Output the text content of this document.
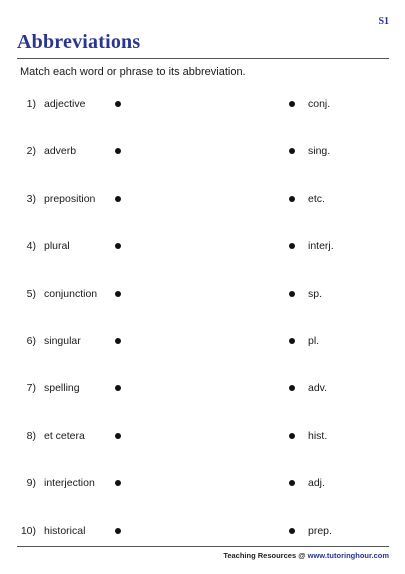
S1
Abbreviations
Match each word or phrase to its abbreviation.
1) adjective	conj.
2) adverb	sing.
3) preposition	etc.
4) plural	interj.
5) conjunction	sp.
6) singular	pl.
7) spelling	adv.
8) et cetera	hist.
9) interjection	adj.
10) historical	prep.
Teaching Resources @ www.tutoringhour.com
